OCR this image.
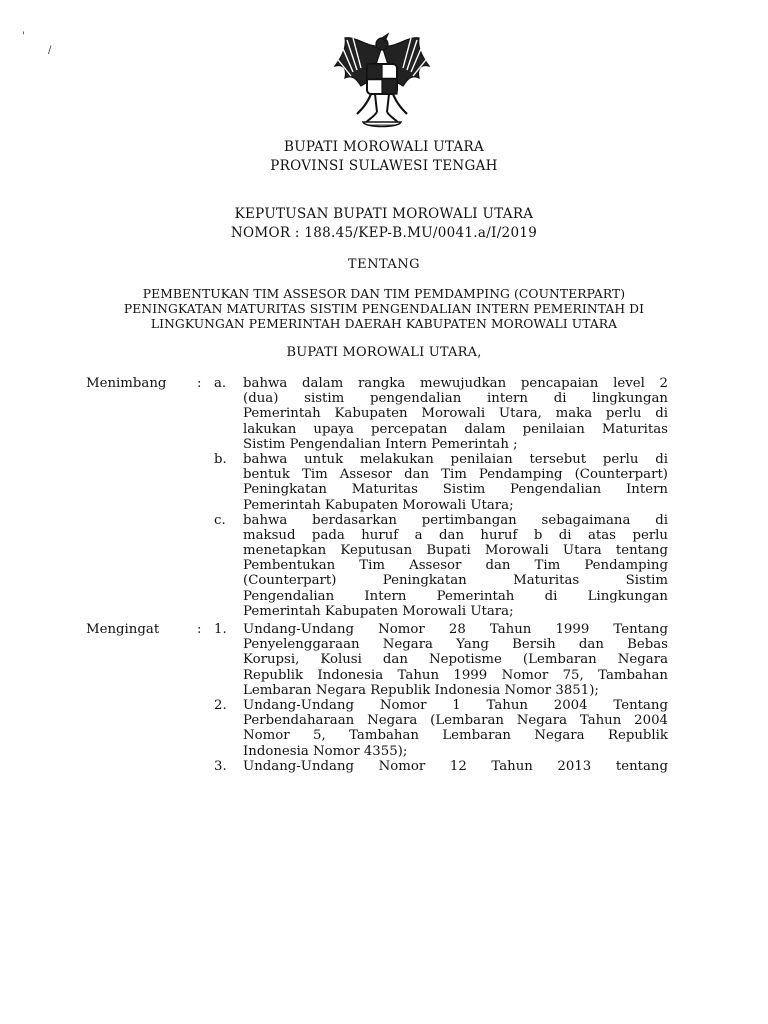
'
/
BUPATI MOROWALI UTARA
PROVINSI SULAWESI TENGAH
KEPUTUSAN BUPATI MOROWALI UTARA
NOMOR : 188.45/KEP-B.MU/0041.a/I/2019
TENTANG
PEMBENTUKAN TIM ASSESOR DAN TIM PEMDAMPING (COUNTERPART)
PENINGKATAN MATURITAS SISTIM PENGENDALIAN INTERN PEMERINTAH DI
LINGKUNGAN PEMERINTAH DAERAH KABUPATEN MOROWALI UTARA
BUPATI MOROWALI UTARA,
Menimbang : a.	bahwa dalam rangka mewujudkan pencapaian level 2
(dua) sistim pengendalian intern di lingkungan
Pemerintah Kabupaten Morowali Utara, maka perlu di
lakukan upaya percepatan dalam penilaian Maturitas
Sistim Pengendalian Intern Pemerintah ;
b.	bahwa untuk melakukan penilaian tersebut perlu di
bentuk Tim Assesor dan Tim Pendamping (Counterpart)
Peningkatan Maturitas Sistim Pengendalian Intern
Pemerintah Kabupaten Morowali Utara;
c.	bahwa berdasarkan pertimbangan sebagaimana di
maksud pada huruf a dan huruf b di atas perlu
menetapkan Keputusan Bupati Morowali Utara tentang
Pembentukan Tim Assesor dan Tim Pendamping
(Counterpart) Peningkatan Maturitas Sistim
Pengendalian Intern Pemerintah di Lingkungan
Pemerintah Kabupaten Morowali Utara;
Mengingat	: 1.	Undang-Undang Nomor 28 Tahun 1999 Tentang
Penyelenggaraan Negara Yang Bersih dan Bebas
Korupsi, Kolusi dan Nepotisme (Lembaran Negara
Republik Indonesia Tahun 1999 Nomor 75, Tambahan
Lembaran Negara Republik Indonesia Nomor 3851);
2.	Undang-Undang Nomor 1 Tahun 2004 Tentang
Perbendaharaan Negara (Lembaran Negara Tahun 2004
Nomor 5, Tambahan Lembaran Negara Republik
Indonesia Nomor 4355);
3.	Undang-Undang Nomor 12 Tahun 2013 tentang
